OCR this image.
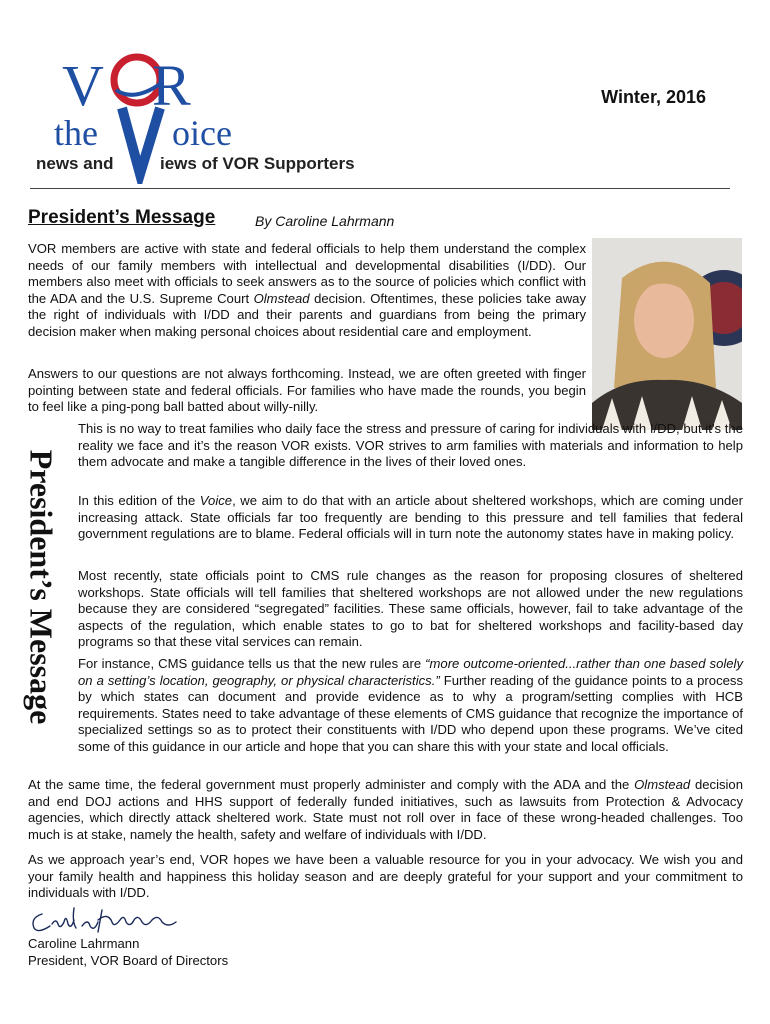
V R
the oice
news and	iews of VOR Supporters
Winter, 2016
President’s Message	By Caroline Lahrmann
President’s Message

VOR members are active with state and federal officials to help them understand the complex needs of our family members with intellectual and developmental disabilities (I/DD). Our members also meet with officials to seek answers as to the source of policies which conflict with the ADA and the U.S. Supreme Court Olmstead decision. Oftentimes, these policies take away the right of individuals with I/DD and their parents and guardians from being the primary decision maker when making personal choices about residential care and employment.

Answers to our questions are not always forthcoming. Instead, we are often greeted with finger pointing between state and federal officials. For families who have made the rounds, you begin to feel like a ping-pong ball batted about willy-nilly.

This is no way to treat families who daily face the stress and pressure of caring for individuals with I/DD, but it’s the reality we face and it’s the reason VOR exists. VOR strives to arm families with materials and information to help them advocate and make a tangible difference in the lives of their loved ones.

In this edition of the Voice, we aim to do that with an article about sheltered workshops, which are coming under increasing attack. State officials far too frequently are bending to this pressure and tell families that federal government regulations are to blame. Federal officials will in turn note the autonomy states have in making policy.

Most recently, state officials point to CMS rule changes as the reason for proposing closures of sheltered workshops. State officials will tell families that sheltered workshops are not allowed under the new regulations because they are considered “segregated” facilities. These same officials, however, fail to take advantage of the aspects of the regulation, which enable states to go to bat for sheltered workshops and facility-based day programs so that these vital services can remain.

For instance, CMS guidance tells us that the new rules are “more outcome-oriented...rather than one based solely on a setting’s location, geography, or physical characteristics.” Further reading of the guidance points to a process by which states can document and provide evidence as to why a program/setting complies with HCB requirements. States need to take advantage of these elements of CMS guidance that recognize the importance of specialized settings so as to protect their constituents with I/DD who depend upon these programs. We’ve cited some of this guidance in our article and hope that you can share this with your state and local officials.

At the same time, the federal government must properly administer and comply with the ADA and the Olmstead decision and end DOJ actions and HHS support of federally funded initiatives, such as lawsuits from Protection & Advocacy agencies, which directly attack sheltered work. State must not roll over in face of these wrong-headed challenges. Too much is at stake, namely the health, safety and welfare of individuals with I/DD.

As we approach year’s end, VOR hopes we have been a valuable resource for you in your advocacy. We wish you and your family health and happiness this holiday season and are deeply grateful for your support and your commitment to individuals with I/DD.

Caroline Lahrmann
President, VOR Board of Directors
